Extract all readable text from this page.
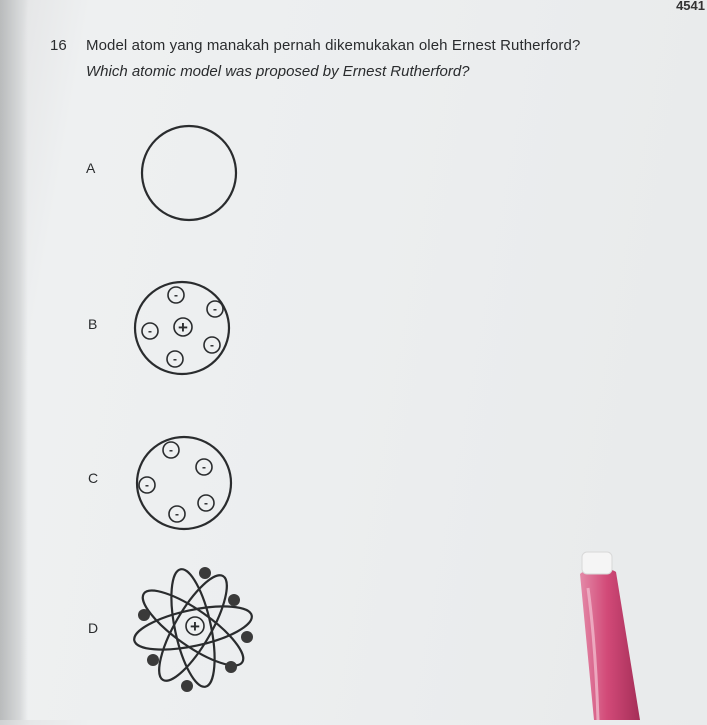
4541
16 Model atom yang manakah pernah dikemukakan oleh Ernest Rutherford?
Which atomic model was proposed by Ernest Rutherford?
A
B
-
-
- +
-
-
C
-
-
-
-
-
D	+
